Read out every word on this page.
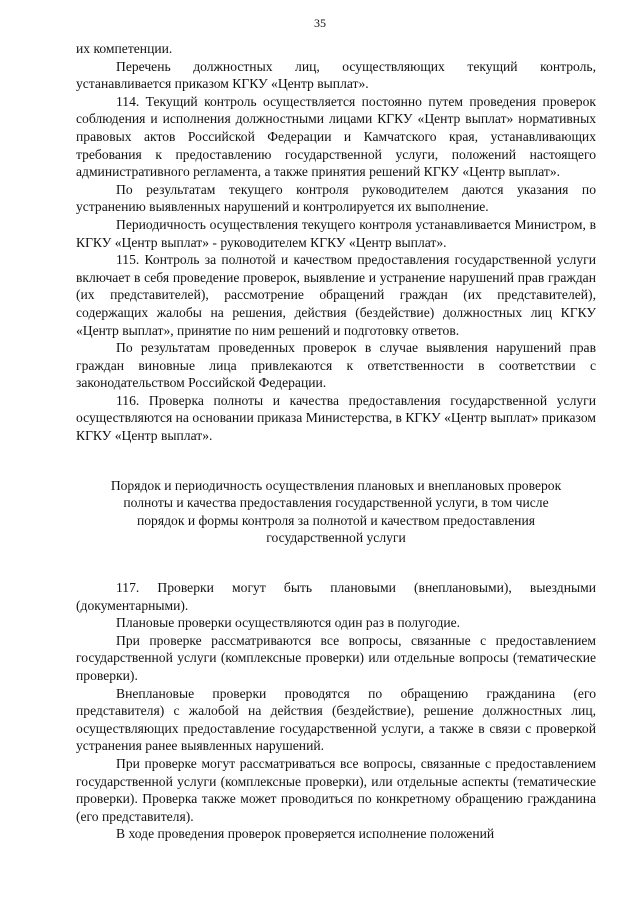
35

их компетенции.

Перечень должностных лиц, осуществляющих текущий контроль, устанавливается приказом КГКУ «Центр выплат».

114. Текущий контроль осуществляется постоянно путем проведения проверок соблюдения и исполнения должностными лицами КГКУ «Центр выплат» нормативных правовых актов Российской Федерации и Камчатского края, устанавливающих требования к предоставлению государственной услуги, положений настоящего административного регламента, а также принятия решений КГКУ «Центр выплат».

По результатам текущего контроля руководителем даются указания по устранению выявленных нарушений и контролируется их выполнение.

Периодичность осуществления текущего контроля устанавливается Министром, в КГКУ «Центр выплат» - руководителем КГКУ «Центр выплат».

115. Контроль за полнотой и качеством предоставления государственной услуги включает в себя проведение проверок, выявление и устранение нарушений прав граждан (их представителей), рассмотрение обращений граждан (их представителей), содержащих жалобы на решения, действия (бездействие) должностных лиц КГКУ «Центр выплат», принятие по ним решений и подготовку ответов.

По результатам проведенных проверок в случае выявления нарушений прав граждан виновные лица привлекаются к ответственности в соответствии с законодательством Российской Федерации.

116. Проверка полноты и качества предоставления государственной услуги осуществляются на основании приказа Министерства, в КГКУ «Центр выплат» приказом КГКУ «Центр выплат».

Порядок и периодичность осуществления плановых и внеплановых проверок
полноты и качества предоставления государственной услуги, в том числе
порядок и формы контроля за полнотой и качеством предоставления
государственной услуги

117. Проверки могут быть плановыми (внеплановыми), выездными (документарными).

Плановые проверки осуществляются один раз в полугодие.

При проверке рассматриваются все вопросы, связанные с предоставлением государственной услуги (комплексные проверки) или отдельные вопросы (тематические проверки).

Внеплановые проверки проводятся по обращению гражданина (его представителя) с жалобой на действия (бездействие), решение должностных лиц, осуществляющих предоставление государственной услуги, а также в связи с проверкой устранения ранее выявленных нарушений.

При проверке могут рассматриваться все вопросы, связанные с предоставлением государственной услуги (комплексные проверки), или отдельные аспекты (тематические проверки). Проверка также может проводиться по конкретному обращению гражданина (его представителя).

В ходе проведения проверок проверяется исполнение положений
